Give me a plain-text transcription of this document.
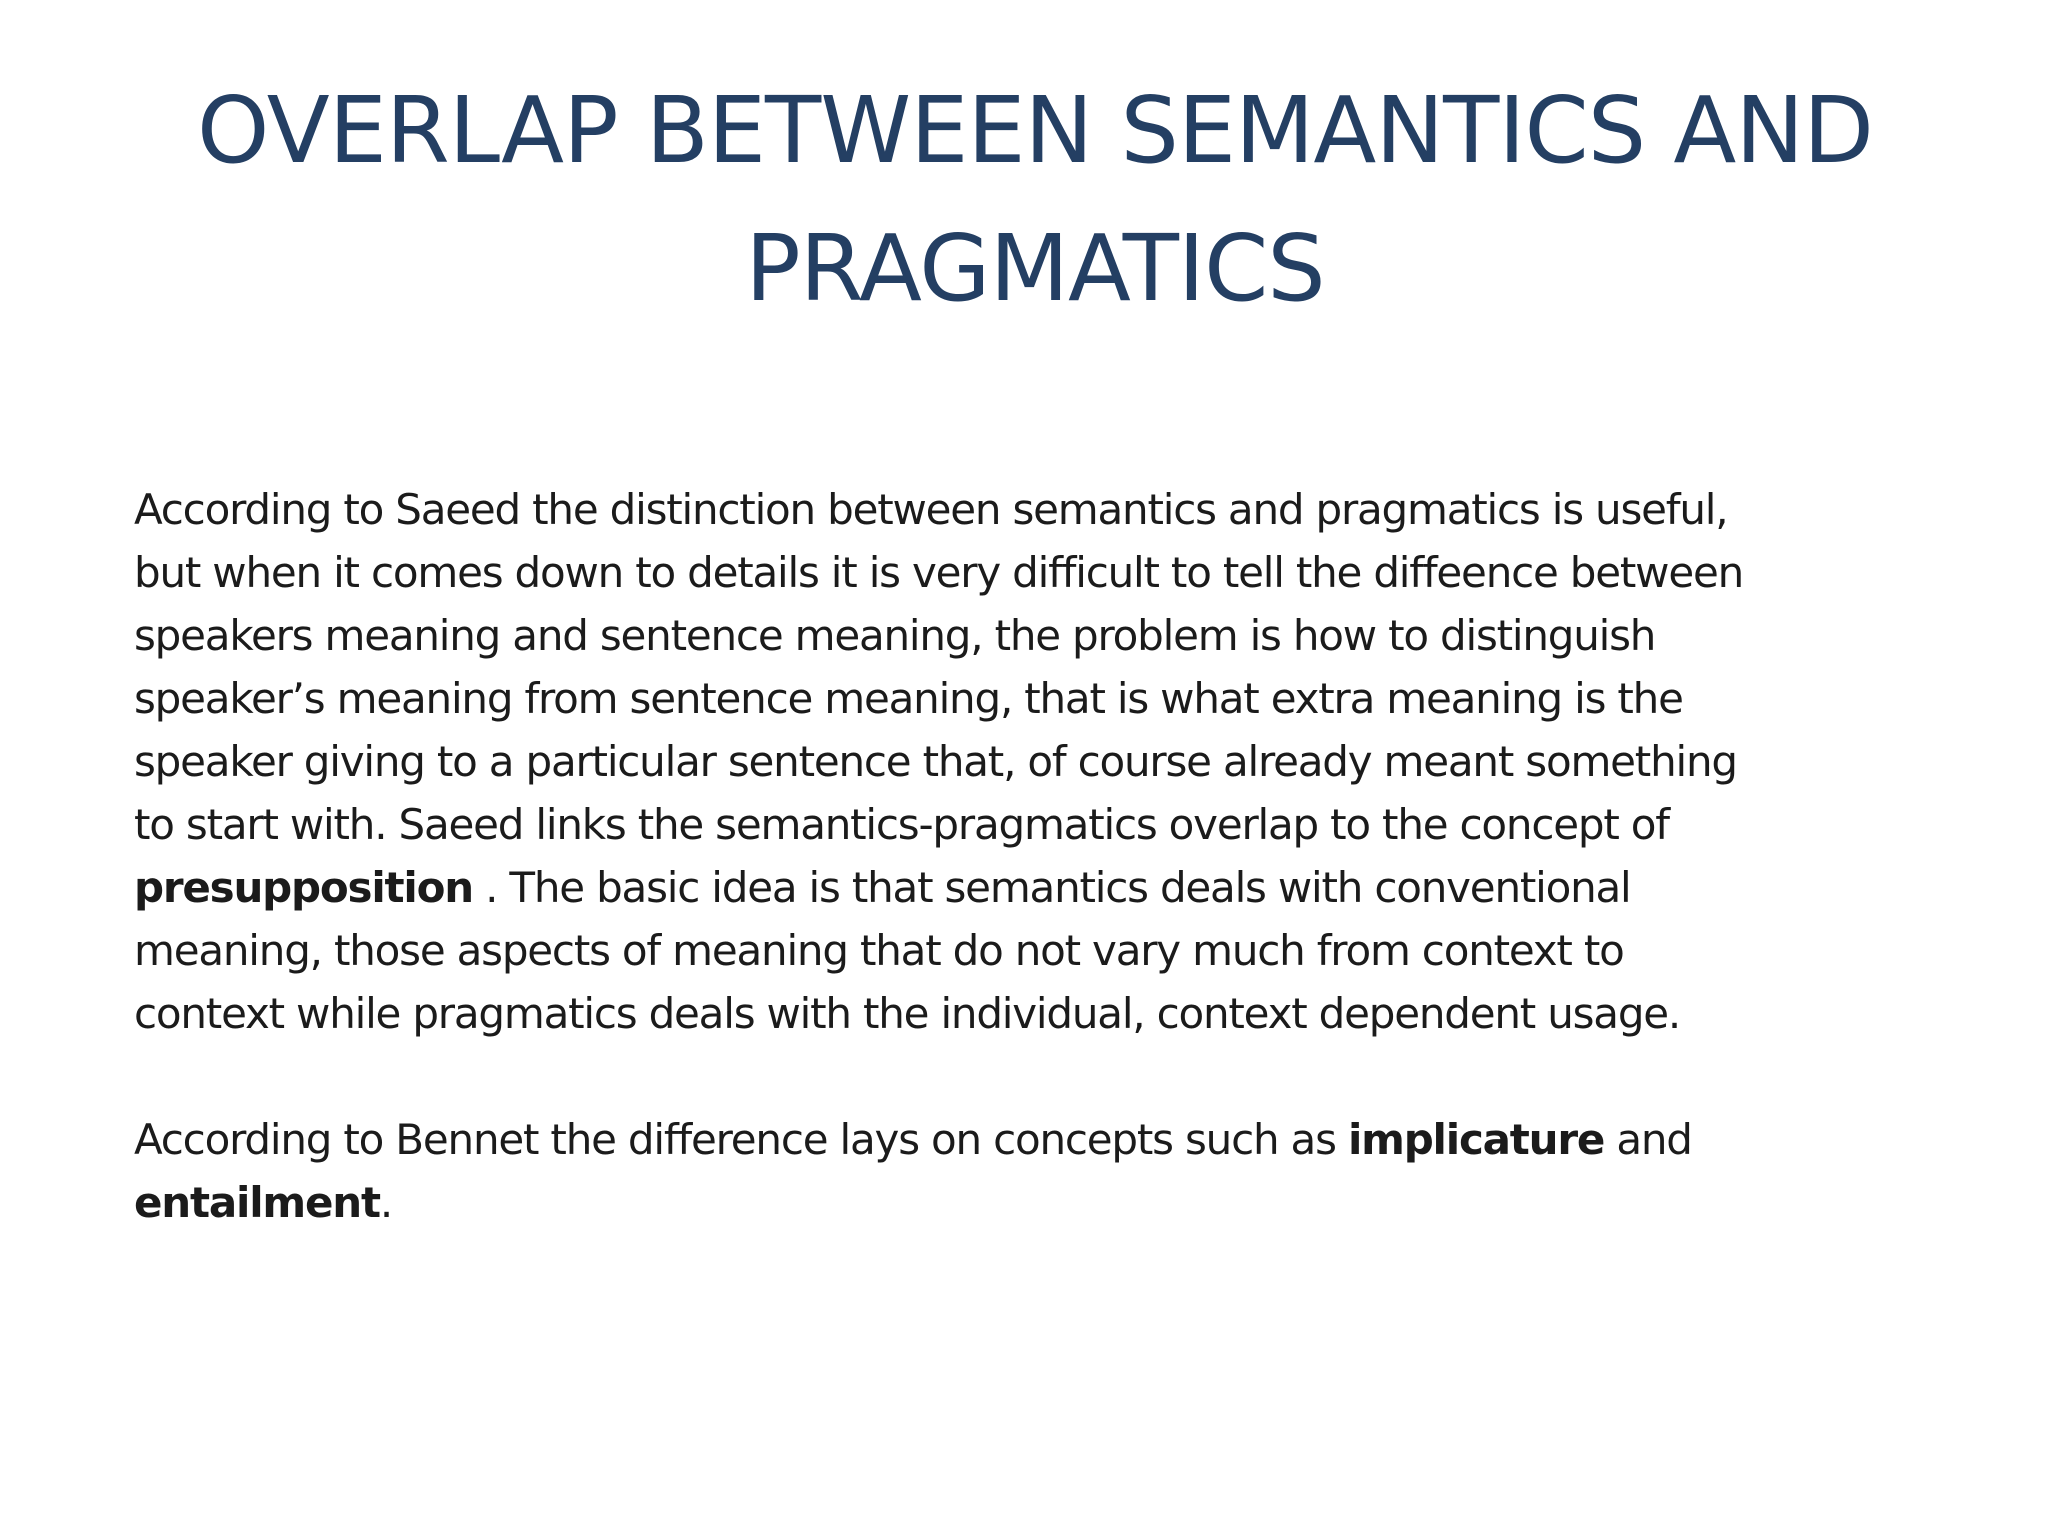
OVERLAP BETWEEN SEMANTICS AND
PRAGMATICS
According to Saeed the distinction between semantics and pragmatics is useful,
but when it comes down to details it is very difficult to tell the diffeence between
speakers meaning and sentence meaning, the problem is how to distinguish
speaker’s meaning from sentence meaning, that is what extra meaning is the
speaker giving to a particular sentence that, of course already meant something
to start with. Saeed links the semantics-pragmatics overlap to the concept of
presupposition . The basic idea is that semantics deals with conventional
meaning, those aspects of meaning that do not vary much from context to
context while pragmatics deals with the individual, context dependent usage.
According to Bennet the difference lays on concepts such as implicature and
entailment.
